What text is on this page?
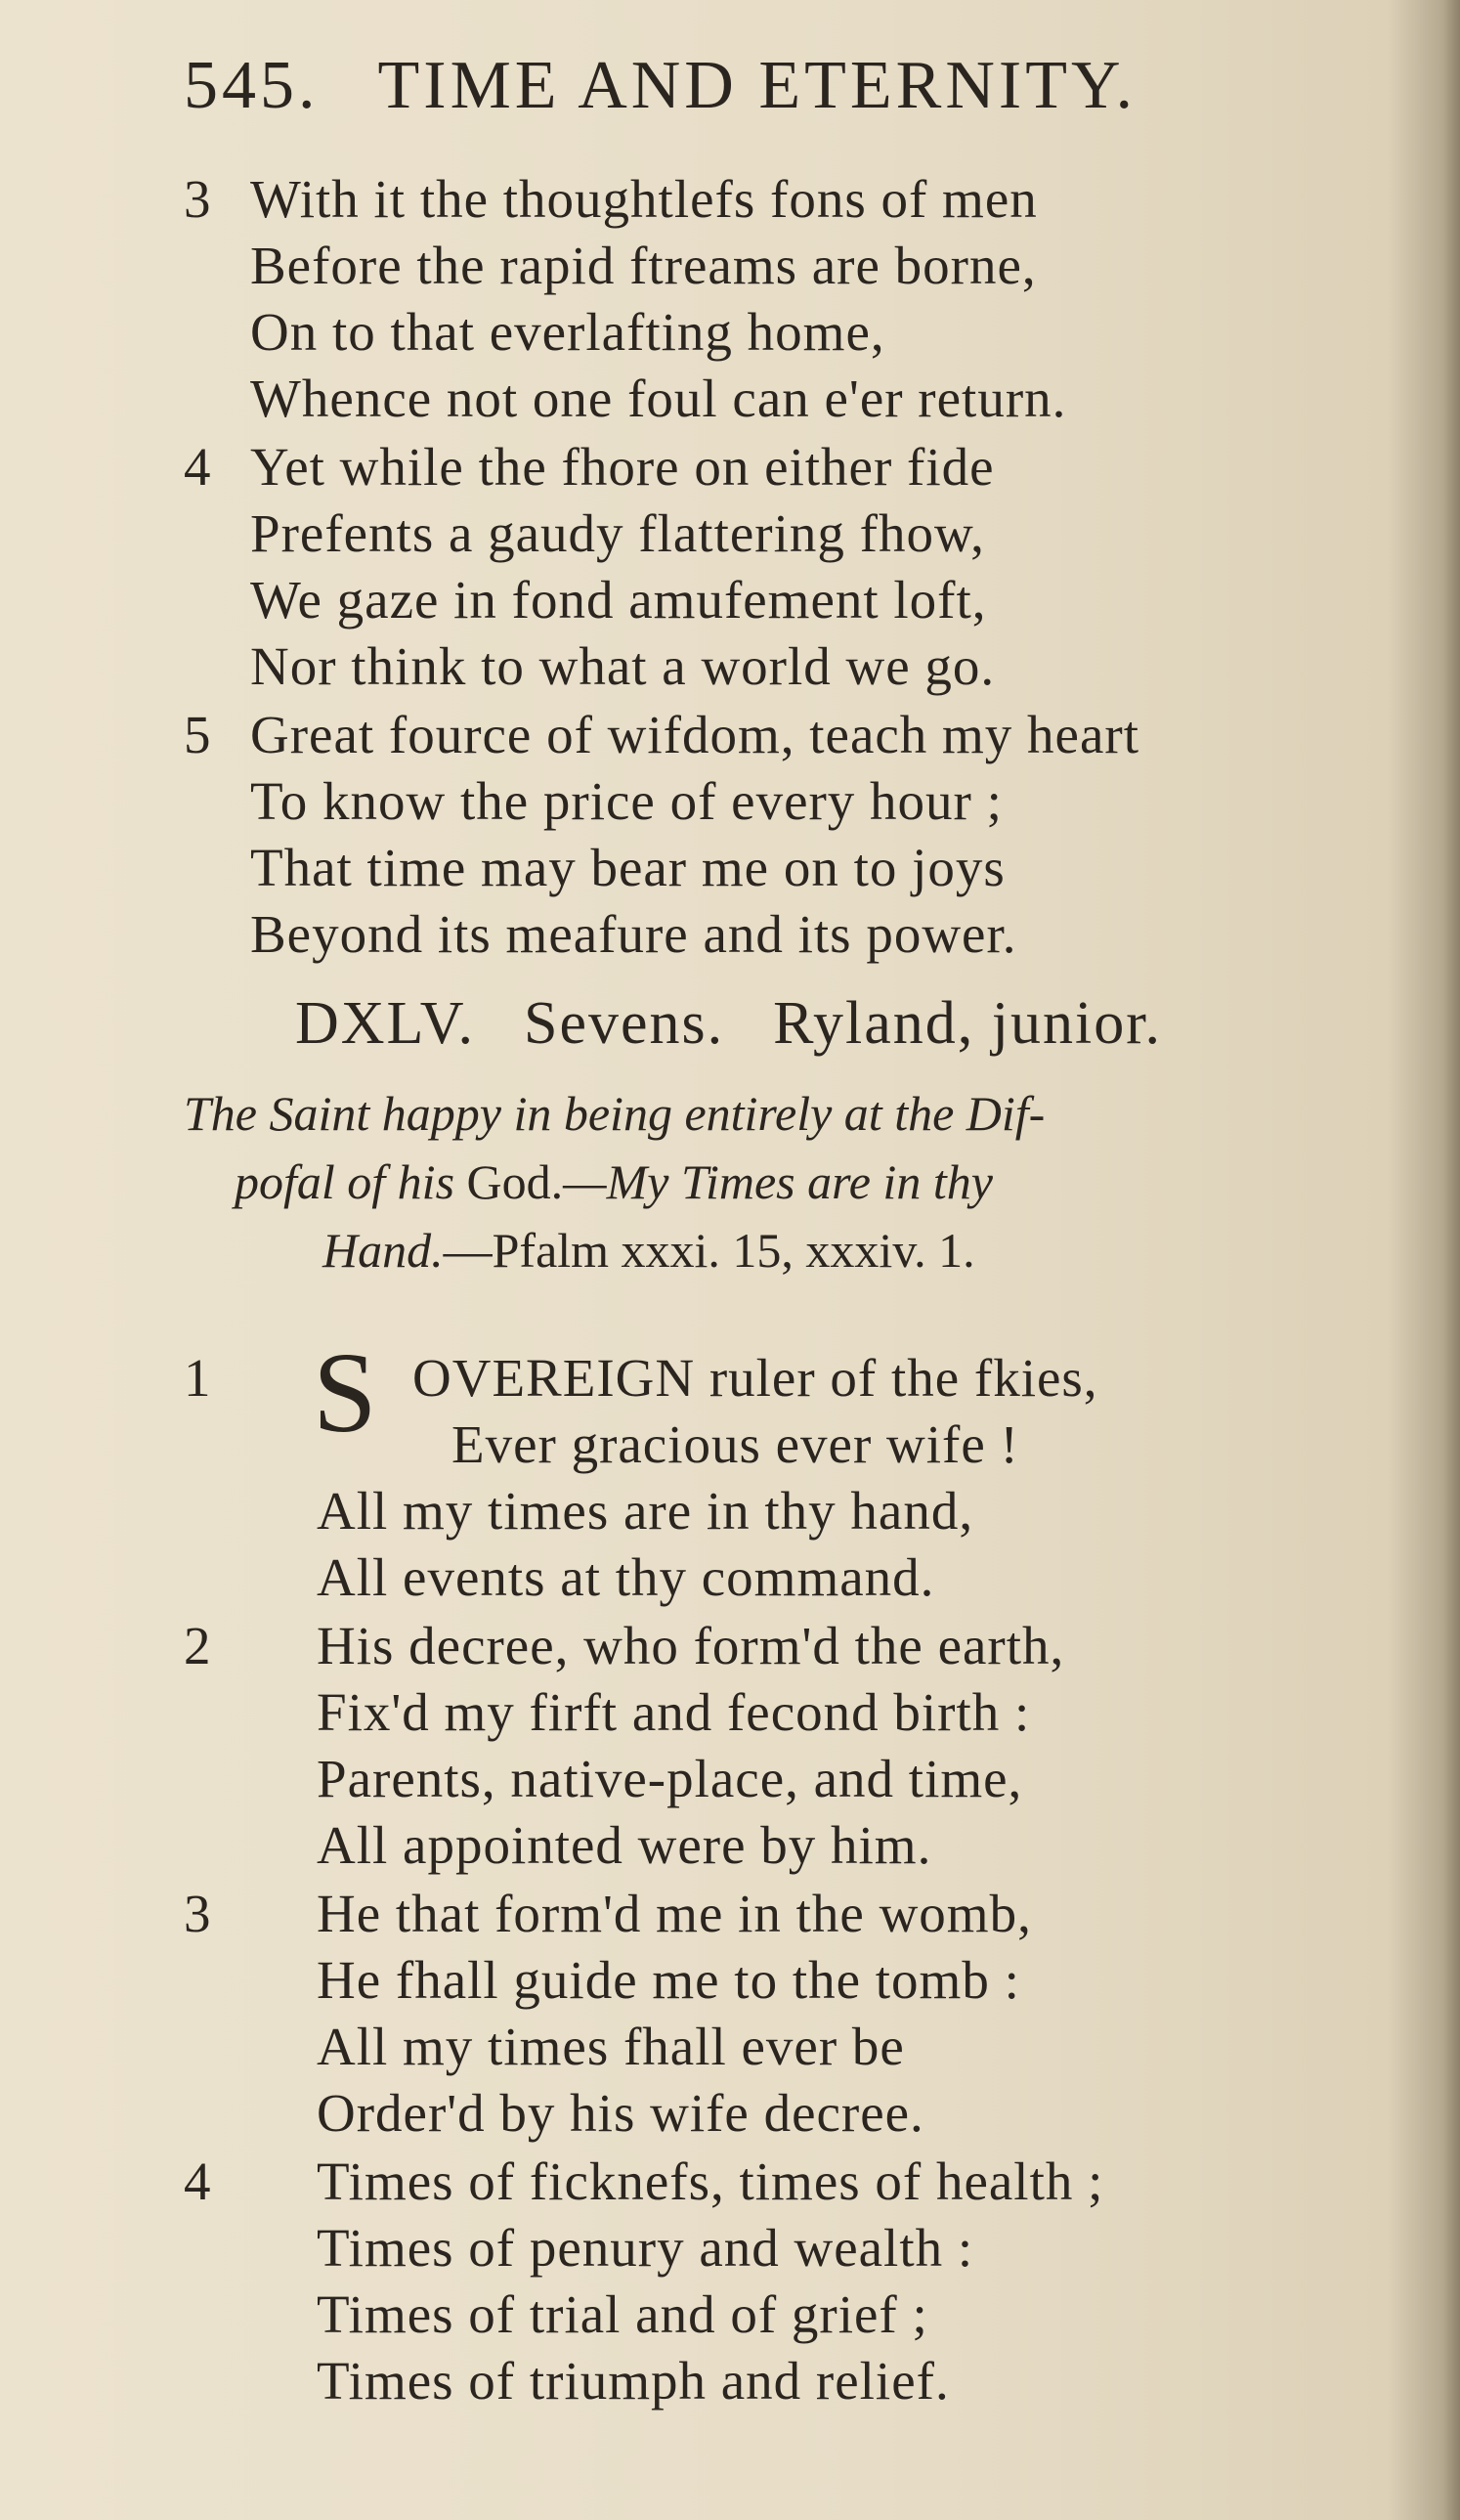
545. TIME AND ETERNITY.
3 With it the thoughtlefs fons of men
Before the rapid ftreams are borne,
On to that everlafting home,
Whence not one foul can e'er return.
4 Yet while the fhore on either fide
Prefents a gaudy flattering fhow,
We gaze in fond amufement loft,
Nor think to what a world we go.
5 Great fource of wifdom, teach my heart
To know the price of every hour ;
That time may bear me on to joys
Beyond its meafure and its power.
DXLV. Sevens. Ryland, junior.
The Saint happy in being entirely at the Dif-
pofal of his God.—My Times are in thy
Hand.—Pfalm xxxi. 15, xxxiv. 1.
1 S OVEREIGN ruler of the fkies,
Ever gracious ever wife !
All my times are in thy hand,
All events at thy command.
2 His decree, who form'd the earth,
Fix'd my firft and fecond birth :
Parents, native-place, and time,
All appointed were by him.
3 He that form'd me in the womb,
He fhall guide me to the tomb :
All my times fhall ever be
Order'd by his wife decree.
4 Times of ficknefs, times of health ;
Times of penury and wealth :
Times of trial and of grief ;
Times of triumph and relief.
